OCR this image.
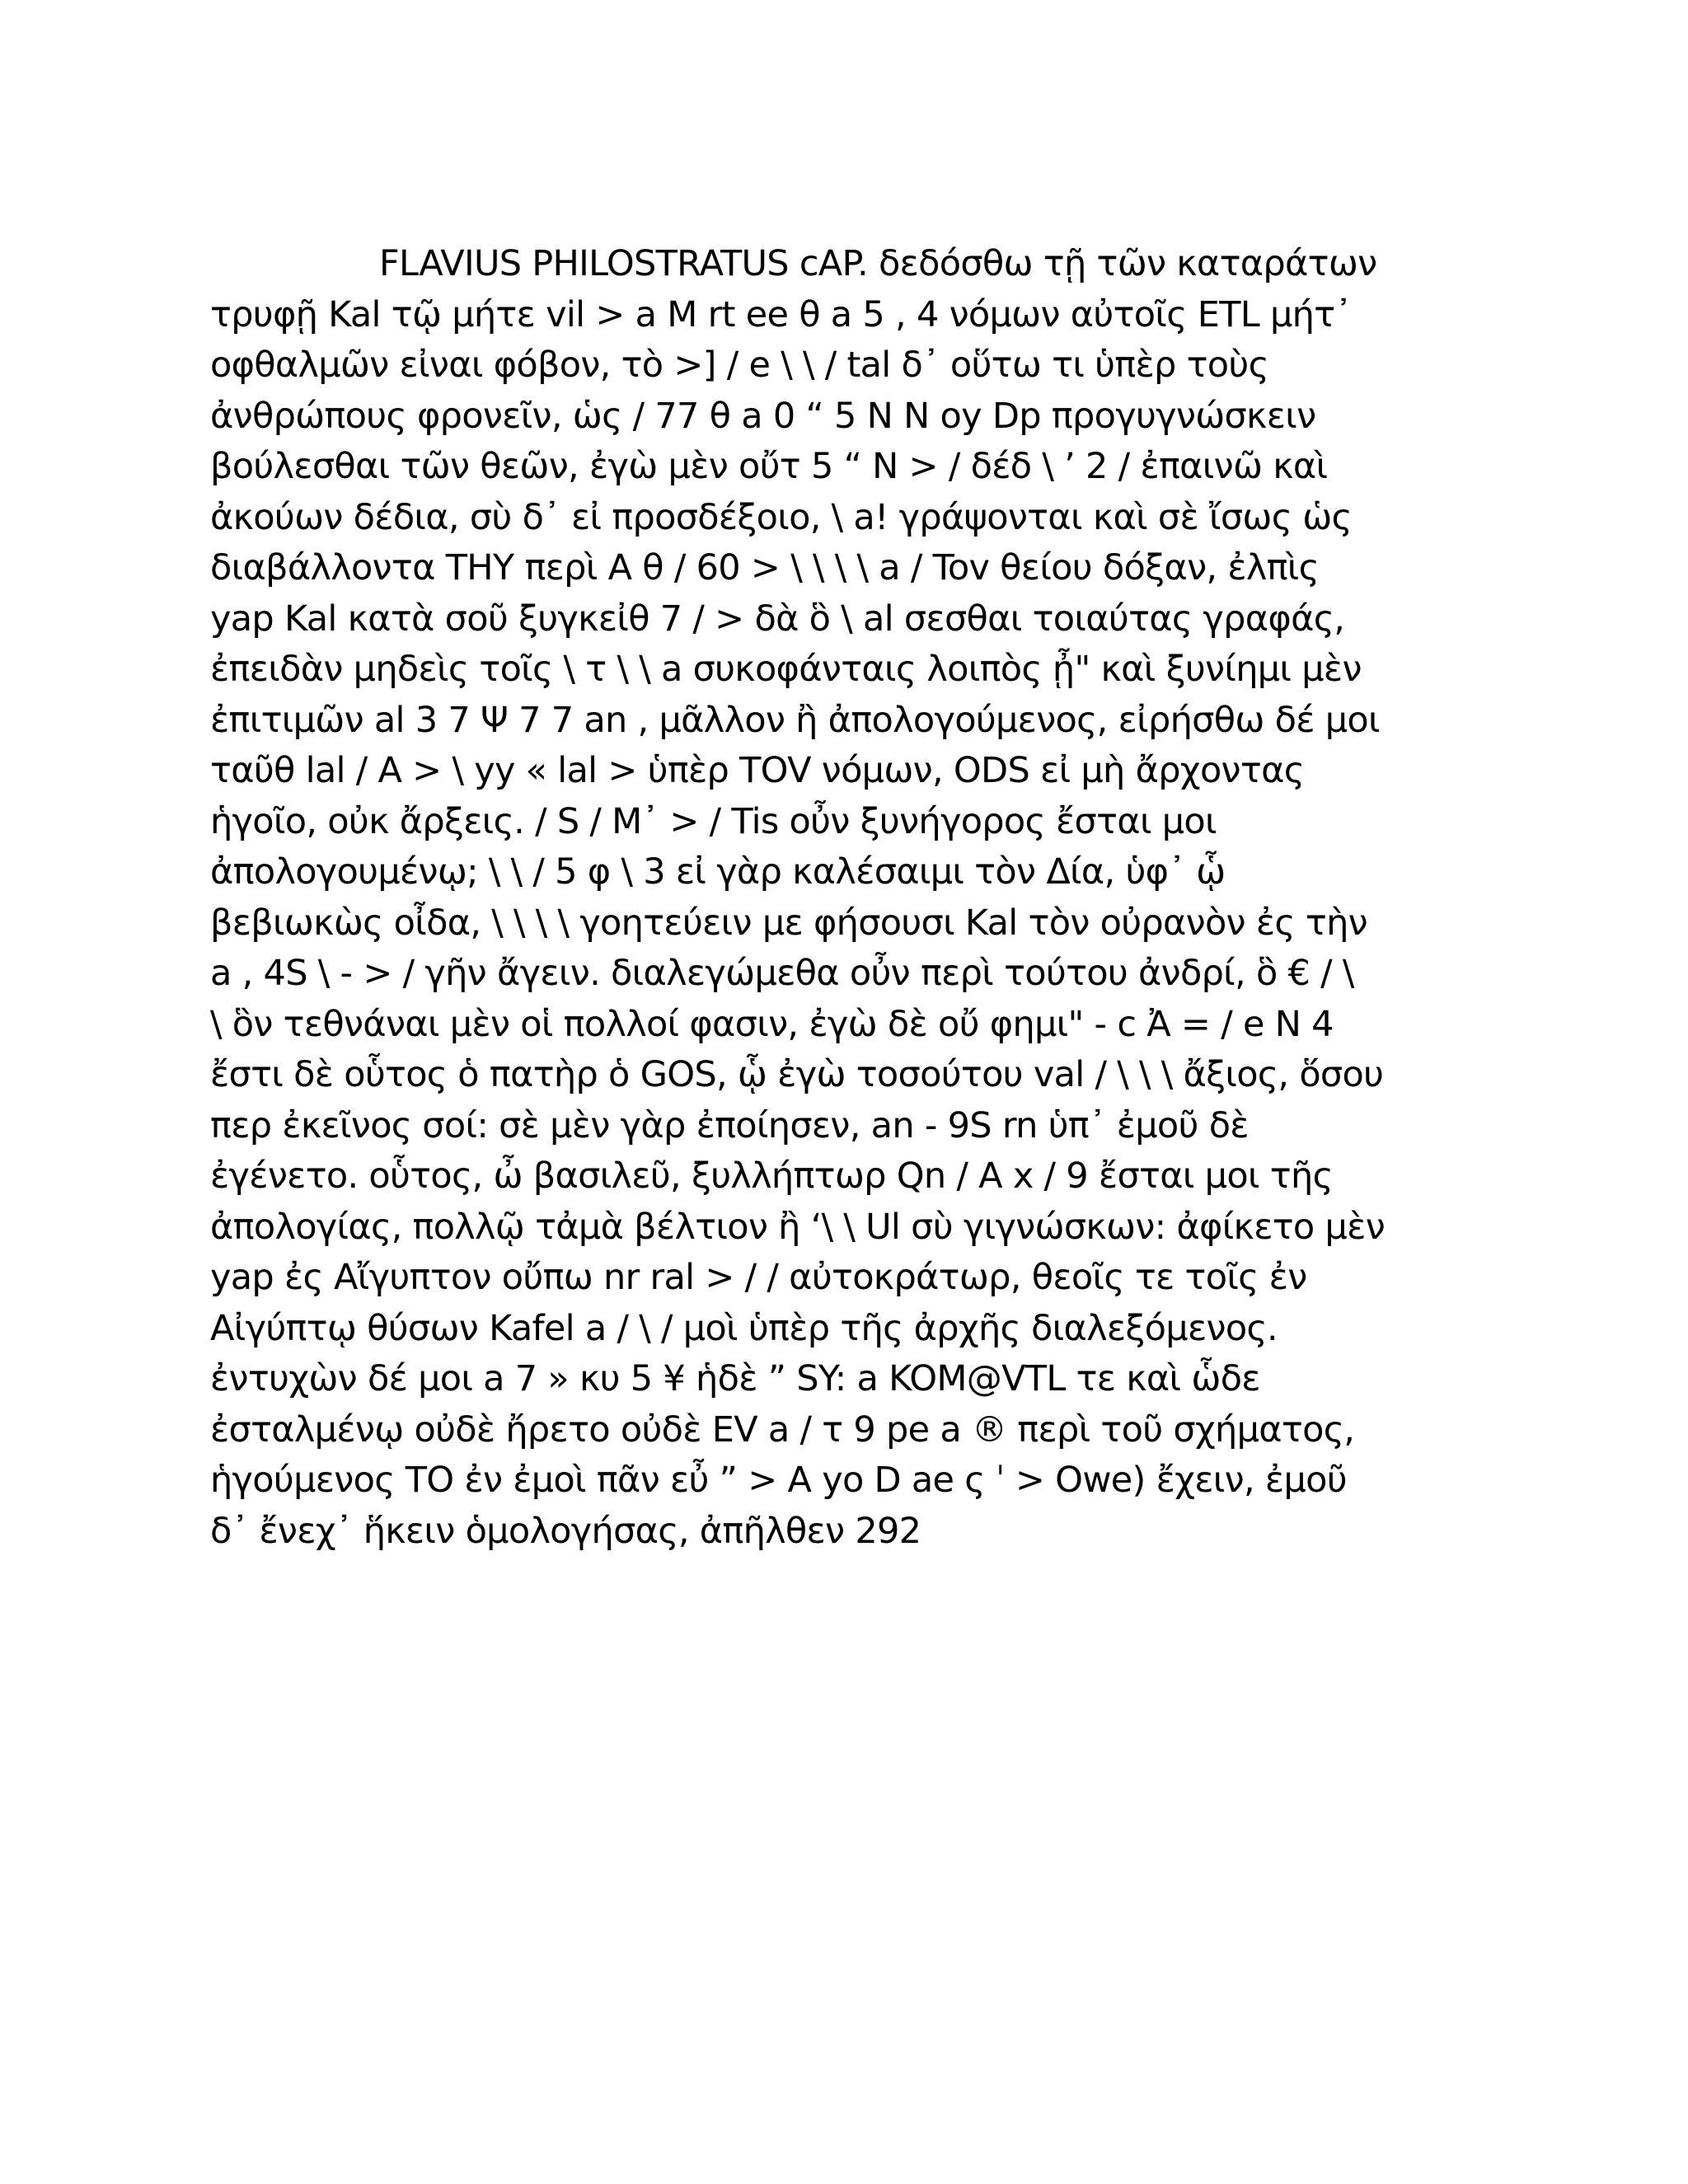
FLAVIUS PHILOSTRATUS cAP. δεδόσθω τῇ τῶν καταράτων
τρυφῇ Kal τῷ μήτε vil > a M rt ee θ a 5 , 4 νόμων αὐτοῖς ETL μήτ᾽
οφθαλμῶν εἰναι φόβον, τὸ >] / e \ \ / tal δ᾽ οὕτω τι ὑπὲρ τοὺς
ἀνθρώπους φρονεῖν, ὡς / 77 θ a 0 “ 5 N N oy Dp προγυγνώσκειν
βούλεσθαι τῶν θεῶν, ἐγὼ μὲν οὔτ 5 “ N > / δέδ \ ʼ 2 / ἐπαινῶ καὶ
ἀκούων δέδια, σὺ δ᾽ εἰ προσδέξοιο, \ a! γράψονται καὶ σὲ ἴσως ὡς
διαβάλλοντα THY περὶ A θ / 60 > \ \ \ \ a / Tov θείου δόξαν, ἐλπὶς
yap Kal κατὰ σοῦ ξυγκεἰθ 7 / > δὰ ὃ \ al σεσθαι τοιαύτας γραφάς,
ἐπειδὰν μηδεὶς τοῖς \ τ \ \ a συκοφάνταις λοιπὸς ᾖ" καὶ ξυνίημι μὲν
ἐπιτιμῶν al 3 7 Ψ 7 7 an , μᾶλλον ἢ ἀπολογούμενος, εἰρήσθω δέ μοι
ταῦθ lal / A > \ yy « lal > ὑπὲρ TOV νόμων, ODS εἰ μὴ ἄρχοντας
ἡγοῖο, οὐκ ἄρξεις. / S / M᾽ > / Tis οὖν ξυνήγορος ἔσται μοι
ἀπολογουμένῳ; \ \ / 5 φ \ 3 εἰ γὰρ καλέσαιμι τὸν Δία, ὑφ᾽ ᾧ
βεβιωκὼς οἶδα, \ \ \ \ γοητεύειν με φήσουσι Kal τὸν οὐρανὸν ἐς τὴν
a , 4S \ - > / γῆν ἄγειν. διαλεγώμεθα οὖν περὶ τούτου ἀνδρί, ὃ € / \
\ ὃν τεθνάναι μὲν οἱ πολλοί φασιν, ἐγὼ δὲ οὔ φημι" - c Ἀ = / e N 4
ἔστι δὲ οὗτος ὁ πατὴρ ὁ GOS, ᾧ ἐγὼ τοσούτου val / \ \ \ ἄξιος, ὅσου
περ ἐκεῖνος σοί: σὲ μὲν γὰρ ἐποίησεν, an - 9S rn ὑπ᾽ ἐμοῦ δὲ
ἐγένετο. οὗτος, ὦ βασιλεῦ, ξυλλήπτωρ Qn / A x / 9 ἔσται μοι τῆς
ἀπολογίας, πολλῷ τἀμὰ βέλτιον ἢ ‘\ \ Ul σὺ γιγνώσκων: ἀφίκετο μὲν
yap ἐς Αἴγυπτον οὔπω nr ral > / / αὐτοκράτωρ, θεοῖς τε τοῖς ἐν
Αἰγύπτῳ θύσων Kafel a / \ / μοὶ ὑπὲρ τῆς ἀρχῆς διαλεξόμενος.
ἐντυχὼν δέ μοι a 7 » κυ 5 ¥ ἡδὲ ” SY: a KOM@VTL τε καὶ ὧδε
ἐσταλμένῳ οὐδὲ ἤρετο οὐδὲ EV a / τ 9 pe a ® περὶ τοῦ σχήματος,
ἡγούμενος TO ἐν ἐμοὶ πᾶν εὖ ” > A yo D ae ς ˈ > Owe) ἔχειν, ἐμοῦ
δ᾽ ἔνεχ᾽ ἥκειν ὁμολογήσας, ἀπῆλθεν 292
